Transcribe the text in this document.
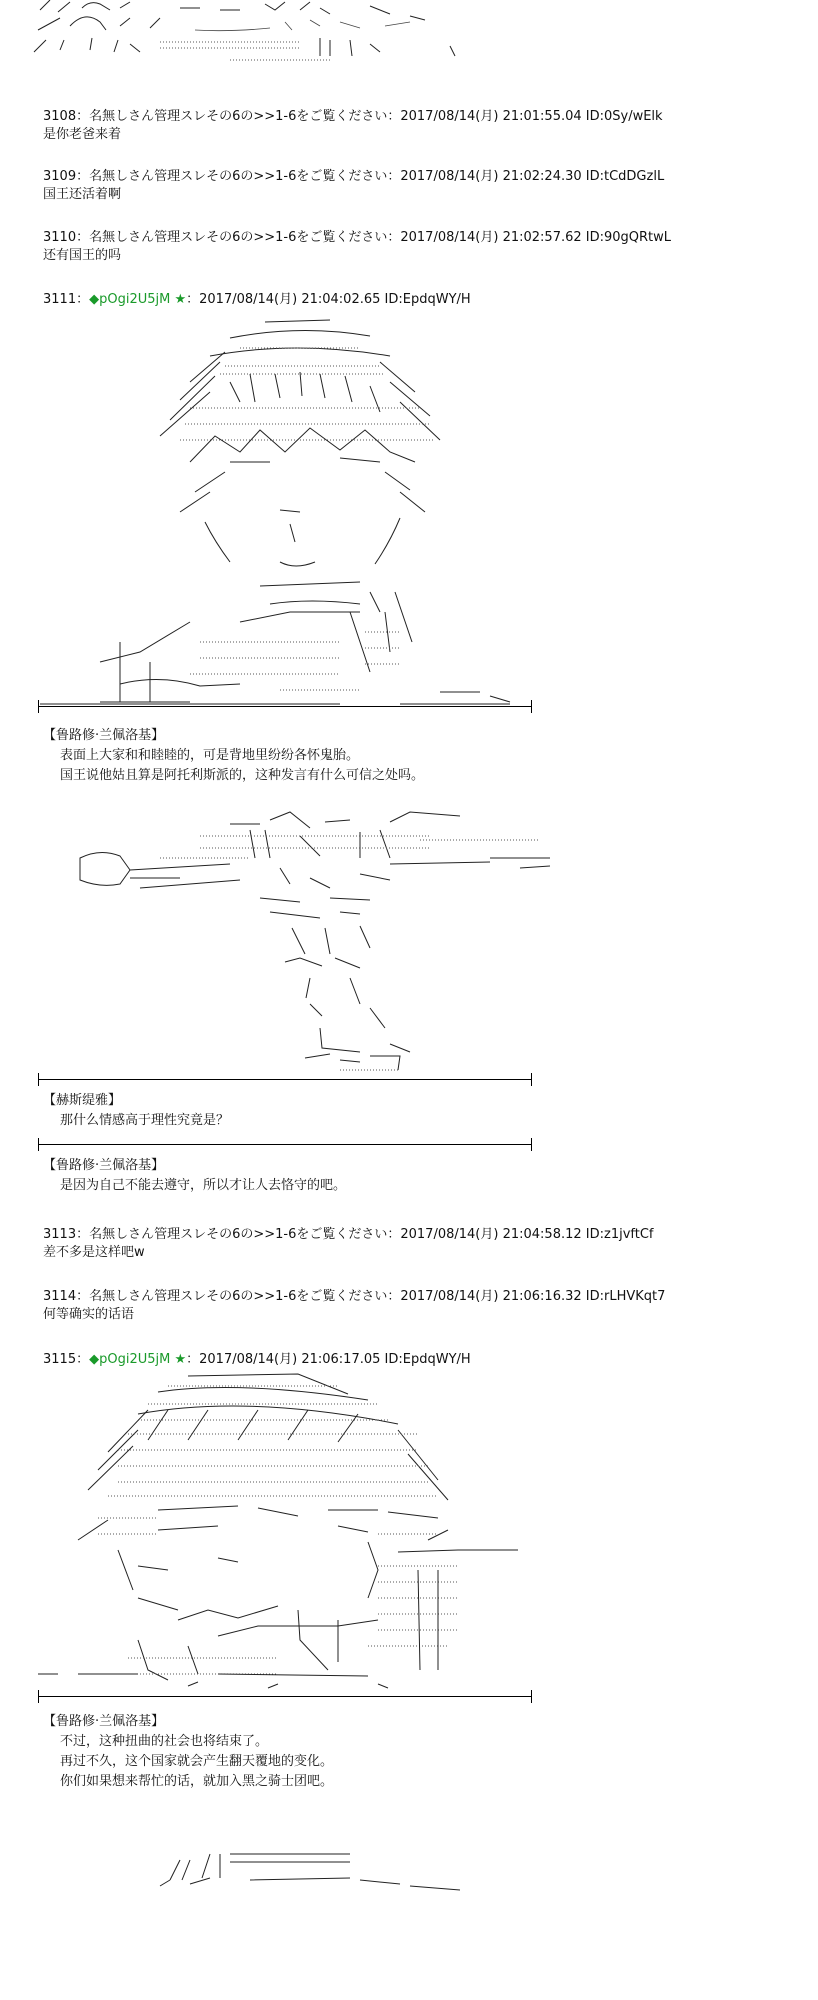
3108：名無しさん管理スレその6の>>1-6をご覧ください：2017/08/14(月) 21:01:55.04 ID:0Sy/wElk
是你老爸来着
3109：名無しさん管理スレその6の>>1-6をご覧ください：2017/08/14(月) 21:02:24.30 ID:tCdDGzlL
国王还活着啊
3110：名無しさん管理スレその6の>>1-6をご覧ください：2017/08/14(月) 21:02:57.62 ID:90gQRtwL
还有国王的吗
3111：◆pOgi2U5jM ★：2017/08/14(月) 21:04:02.65 ID:EpdqWY/H
【鲁路修·兰佩洛基】
表面上大家和和睦睦的，可是背地里纷纷各怀鬼胎。
国王说他姑且算是阿托利斯派的，这种发言有什么可信之处吗。
【赫斯缇雅】
那什么情感高于理性究竟是？
【鲁路修·兰佩洛基】
是因为自己不能去遵守，所以才让人去恪守的吧。
3113：名無しさん管理スレその6の>>1-6をご覧ください：2017/08/14(月) 21:04:58.12 ID:z1jvftCf
差不多是这样吧w
3114：名無しさん管理スレその6の>>1-6をご覧ください：2017/08/14(月) 21:06:16.32 ID:rLHVKqt7
何等确实的话语
3115：◆pOgi2U5jM ★：2017/08/14(月) 21:06:17.05 ID:EpdqWY/H
【鲁路修·兰佩洛基】
不过，这种扭曲的社会也将结束了。
再过不久，这个国家就会产生翻天覆地的变化。
你们如果想来帮忙的话，就加入黑之骑士团吧。
